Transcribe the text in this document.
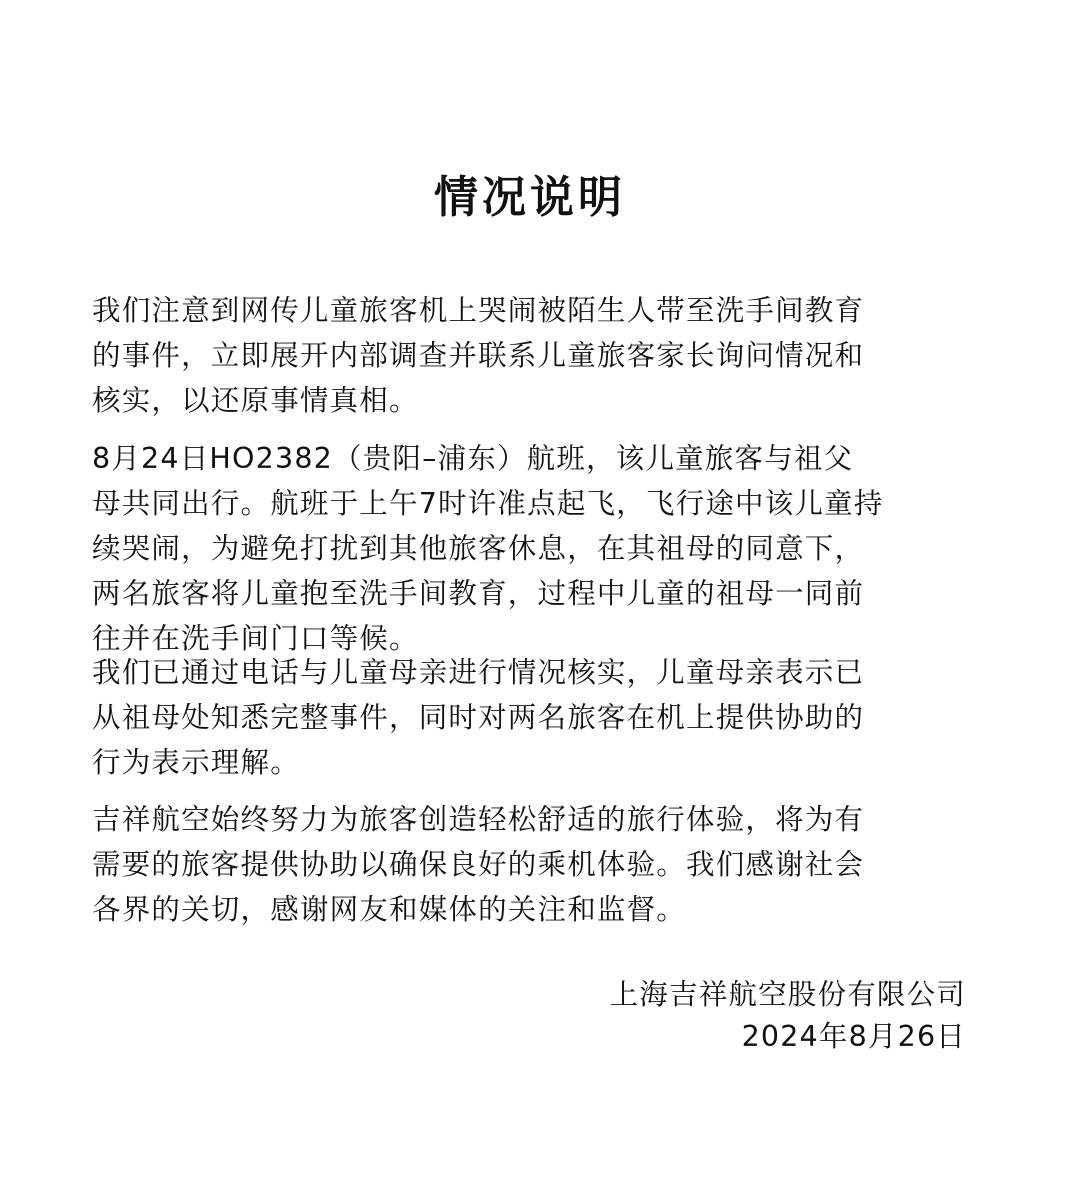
情况说明

我们注意到网传儿童旅客机上哭闹被陌生人带至洗手间教育
的事件，立即展开内部调查并联系儿童旅客家长询问情况和
核实，以还原事情真相。

8月24日HO2382（贵阳–浦东）航班，该儿童旅客与祖父
母共同出行。航班于上午7时许准点起飞，飞行途中该儿童持
续哭闹，为避免打扰到其他旅客休息，在其祖母的同意下，
两名旅客将儿童抱至洗手间教育，过程中儿童的祖母一同前
往并在洗手间门口等候。

我们已通过电话与儿童母亲进行情况核实，儿童母亲表示已
从祖母处知悉完整事件，同时对两名旅客在机上提供协助的
行为表示理解。

吉祥航空始终努力为旅客创造轻松舒适的旅行体验，将为有
需要的旅客提供协助以确保良好的乘机体验。我们感谢社会
各界的关切，感谢网友和媒体的关注和监督。

上海吉祥航空股份有限公司
2024年8月26日
